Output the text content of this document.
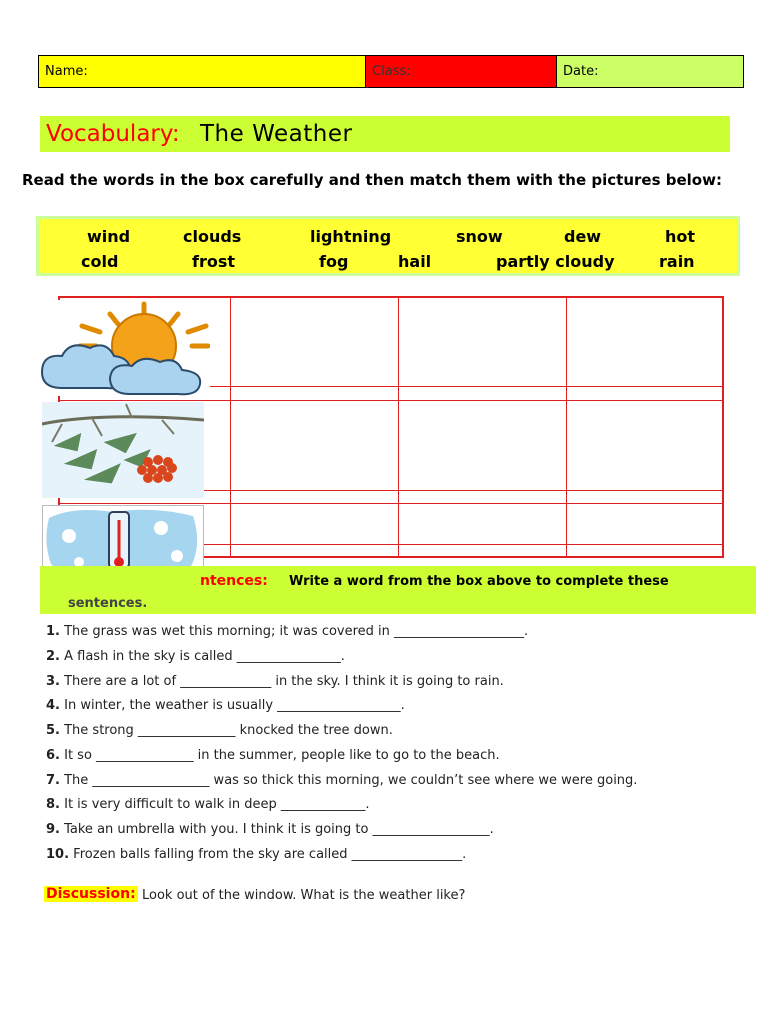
Name:	Class:	Date:
Vocabulary: The Weather
Read the words in the box carefully and then match them with the pictures below:
wind	clouds	lightning	snow	dew	hot
cold	frost	fog	hail	partly cloudy	rain
ntences: Write a word from the box above to complete these
sentences.
1. The grass was wet this morning; it was covered in ____________________.
2. A flash in the sky is called ________________.
3. There are a lot of ______________ in the sky. I think it is going to rain.
4. In winter, the weather is usually ___________________.
5. The strong _______________ knocked the tree down.
6. It so _______________ in the summer, people like to go to the beach.
7. The __________________ was so thick this morning, we couldn’t see where we were going.
8. It is very difficult to walk in deep _____________.
9. Take an umbrella with you. I think it is going to __________________.
10. Frozen balls falling from the sky are called _________________.
Discussion: Look out of the window. What is the weather like?
